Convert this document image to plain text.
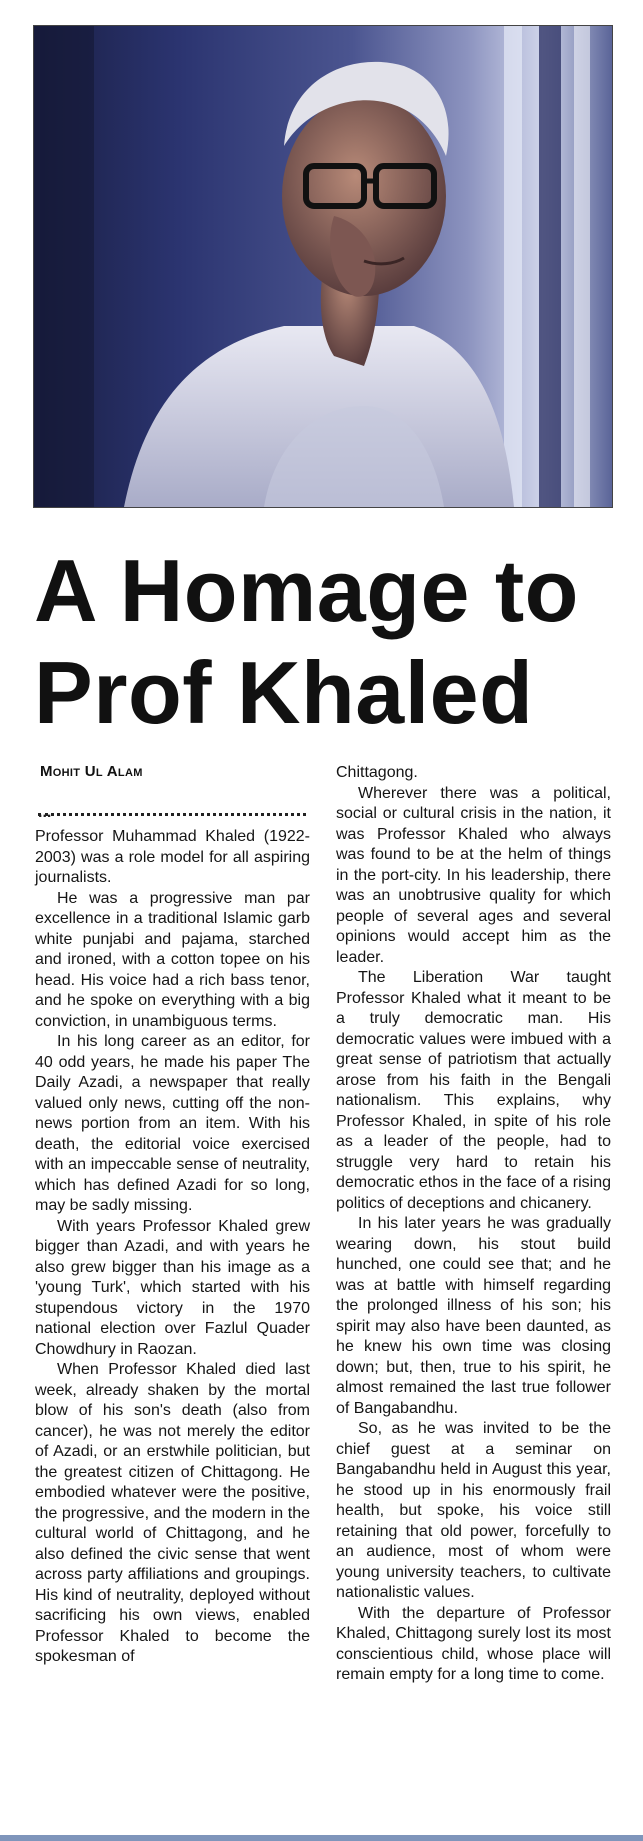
A Homage to
Prof Khaled
Mohit Ul Alam
...

Professor Muhammad Khaled (1922-2003) was a role model for all aspiring journalists.

He was a progressive man par excellence in a traditional Islamic garb white punjabi and pajama, starched and ironed, with a cotton topee on his head. His voice had a rich bass tenor, and he spoke on everything with a big conviction, in unambiguous terms.

In his long career as an editor, for 40 odd years, he made his paper The Daily Azadi, a newspaper that really valued only news, cutting off the non-news portion from an item. With his death, the editorial voice exercised with an impeccable sense of neutrality, which has defined Azadi for so long, may be sadly missing.

With years Professor Khaled grew bigger than Azadi, and with years he also grew bigger than his image as a 'young Turk', which started with his stupendous victory in the 1970 national election over Fazlul Quader Chowdhury in Raozan.

When Professor Khaled died last week, already shaken by the mortal blow of his son's death (also from cancer), he was not merely the editor of Azadi, or an erstwhile politician, but the greatest citizen of Chittagong. He embodied whatever were the positive, the progressive, and the modern in the cultural world of Chittagong, and he also defined the civic sense that went across party affiliations and groupings. His kind of neutrality, deployed without sacrificing his own views, enabled Professor Khaled to become the spokesman of

Chittagong.

Wherever there was a political, social or cultural crisis in the nation, it was Professor Khaled who always was found to be at the helm of things in the port-city. In his leadership, there was an unobtrusive quality for which people of several ages and several opinions would accept him as the leader.

The Liberation War taught Professor Khaled what it meant to be a truly democratic man. His democratic values were imbued with a great sense of patriotism that actually arose from his faith in the Bengali nationalism. This explains, why Professor Khaled, in spite of his role as a leader of the people, had to struggle very hard to retain his democratic ethos in the face of a rising politics of deceptions and chicanery.

In his later years he was gradually wearing down, his stout build hunched, one could see that; and he was at battle with himself regarding the prolonged illness of his son; his spirit may also have been daunted, as he knew his own time was closing down; but, then, true to his spirit, he almost remained the last true follower of Bangabandhu.

So, as he was invited to be the chief guest at a seminar on Bangabandhu held in August this year, he stood up in his enormously frail health, but spoke, his voice still retaining that old power, forcefully to an audience, most of whom were young university teachers, to cultivate nationalistic values.

With the departure of Professor Khaled, Chittagong surely lost its most conscientious child, whose place will remain empty for a long time to come.
